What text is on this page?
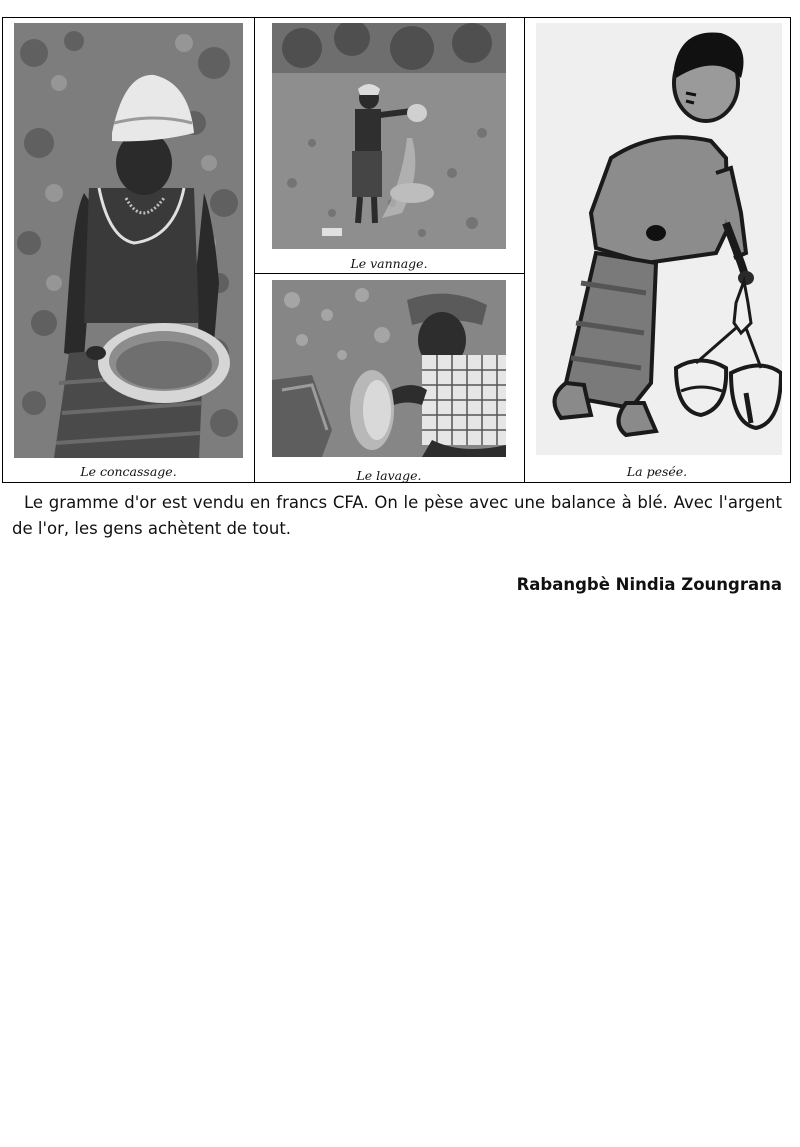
Le concassage.
Le vannage.
Le lavage.	La pesée.
Le gramme d'or est vendu en francs CFA. On le pèse avec une balance à blé. Avec l'argent de l'or, les gens achètent de tout.
Rabangbè Nindia Zoungrana
